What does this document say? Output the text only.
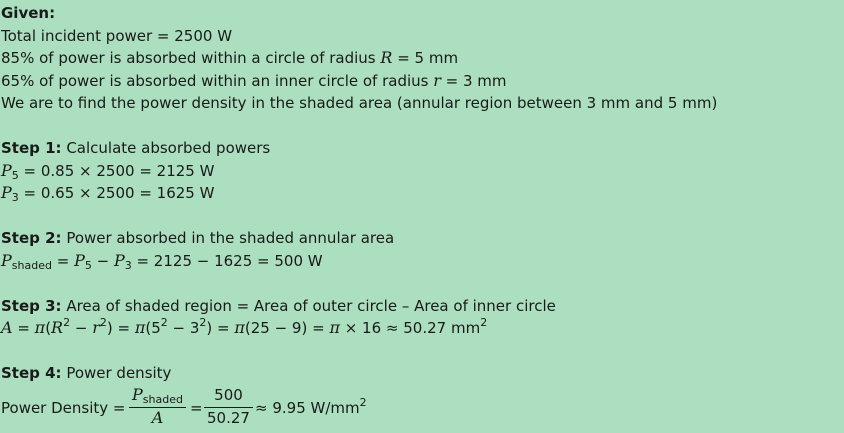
Given:
Total incident power = 2500 W
85% of power is absorbed within a circle of radius R = 5 mm
65% of power is absorbed within an inner circle of radius r = 3 mm
We are to find the power density in the shaded area (annular region between 3 mm and 5 mm)
Step 1: Calculate absorbed powers
$P_5 = 0.85 \times 2500 = 2125$ W
$P_3 = 0.65 \times 2500 = 1625$ W
Step 2: Power absorbed in the shaded annular area
$P_{shaded} = P_5 - P_3 = 2125 - 1625 = 500$ W
Step 3: Area of shaded region = Area of outer circle – Area of inner circle
$A = \pi(R^2 - r^2) = \pi(5^2 - 3^2) = \pi(25 - 9) = \pi \times 16 \approx 50.27$ $mm^2$
Step 4: Power density
Power Density =
$P_{shaded}$
A	= $\frac{500}{50.27} \approx 9.95$ $W/mm^2$
